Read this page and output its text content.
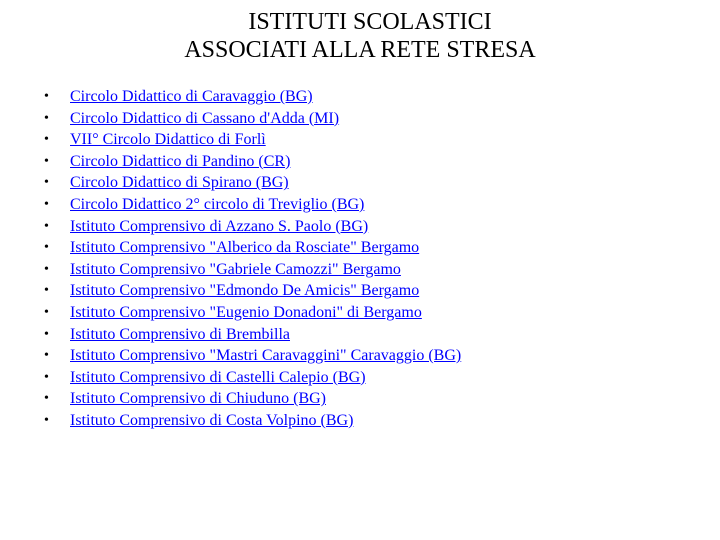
ISTITUTI SCOLASTICI
ASSOCIATI ALLA RETE STRESA
•	Circolo Didattico di Caravaggio (BG)
•	Circolo Didattico di Cassano d'Adda (MI)
•	VII° Circolo Didattico di Forlì
•	Circolo Didattico di Pandino (CR)
•	Circolo Didattico di Spirano (BG)
•	Circolo Didattico 2° circolo di Treviglio (BG)
•	Istituto Comprensivo di Azzano S. Paolo (BG)
•	Istituto Comprensivo "Alberico da Rosciate" Bergamo
•	Istituto Comprensivo "Gabriele Camozzi" Bergamo
•	Istituto Comprensivo "Edmondo De Amicis" Bergamo
•	Istituto Comprensivo "Eugenio Donadoni" di Bergamo
•	Istituto Comprensivo di Brembilla
•	Istituto Comprensivo "Mastri Caravaggini" Caravaggio (BG)
•	Istituto Comprensivo di Castelli Calepio (BG)
•	Istituto Comprensivo di Chiuduno (BG)
•	Istituto Comprensivo di Costa Volpino (BG)
